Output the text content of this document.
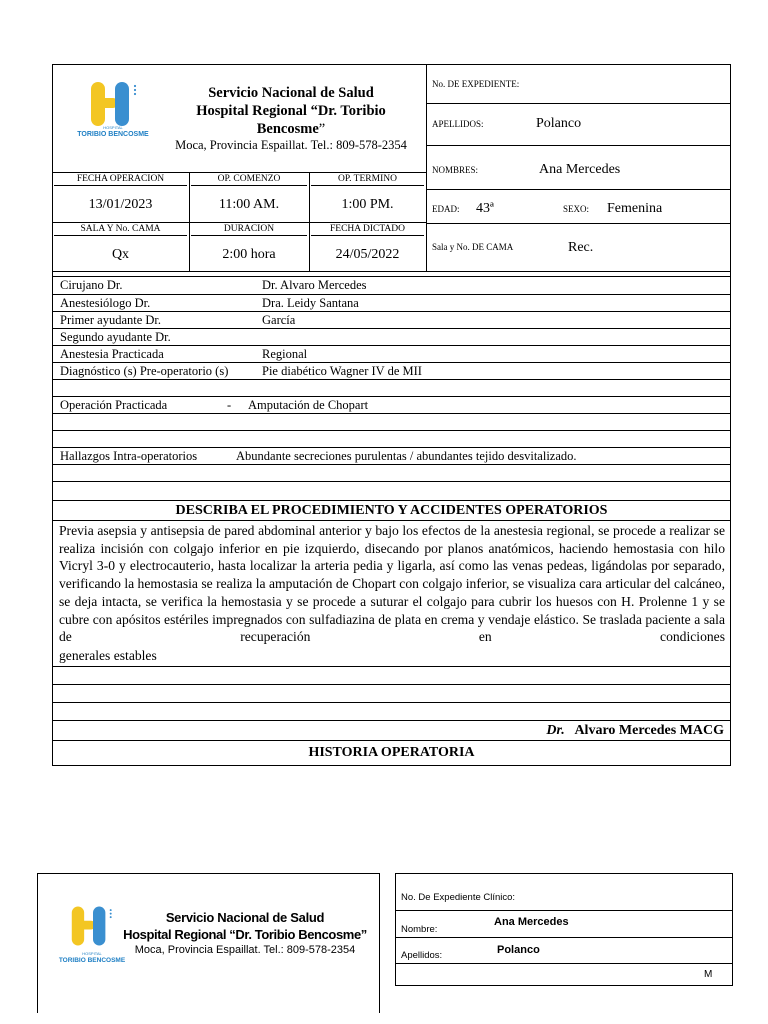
HOSPITAL
TORIBIO BENCOSME
Servicio Nacional de Salud
Hospital Regional “Dr. Toribio
Bencosme”
Moca, Provincia Espaillat. Tel.: 809-578-2354
FECHA OPERACION
13/01/2023
OP. COMENZO
11:00 AM.
OP. TERMINO
1:00 PM.
SALA Y No. CAMA
Qx
DURACION
2:00 hora
FECHA DICTADO
24/05/2022
No. DE EXPEDIENTE:
APELLIDOS:	Polanco
NOMBRES:	Ana Mercedes
EDAD: 43ª	SEXO: Femenina
Sala y No. DE CAMA	Rec.
Cirujano Dr.	Dr. Alvaro Mercedes
Anestesiólogo Dr.	Dra. Leidy Santana
Primer ayudante Dr.	García
Segundo ayudante Dr.
Anestesia Practicada	Regional
Diagnóstico (s) Pre-operatorio (s)	Pie diabético Wagner IV de MII
Operación Practicada	- Amputación de Chopart
Hallazgos Intra-operatorios	Abundante secreciones purulentas / abundantes tejido desvitalizado.
DESCRIBA EL PROCEDIMIENTO Y ACCIDENTES OPERATORIOS
Previa asepsia y antisepsia de pared abdominal anterior y bajo los efectos de la anestesia regional, se procede a realizar se realiza incisión con colgajo inferior en pie izquierdo, disecando por planos anatómicos, haciendo hemostasia con hilo Vicryl 3-0 y electrocauterio, hasta localizar la arteria pedia y ligarla, así como las venas pedeas, ligándolas por separado, verificando la hemostasia se realiza la amputación de Chopart con colgajo inferior, se visualiza cara articular del calcáneo, se deja intacta, se verifica la hemostasia y se procede a suturar el colgajo para cubrir los huesos con H. Prolenne 1 y se cubre con apósitos estériles impregnados con sulfadiazina de plata en crema y vendaje elástico. Se traslada paciente a sala de recuperación en condiciones
generales estables
Dr. Alvaro Mercedes MACG
HISTORIA OPERATORIA
HOSPITAL
TORIBIO BENCOSME
Servicio Nacional de Salud
Hospital Regional “Dr. Toribio Bencosme”
Moca, Provincia Espaillat. Tel.: 809-578-2354
No. De Expediente Clínico:
Nombre:
Ana Mercedes
Apellidos:	Polanco
M
